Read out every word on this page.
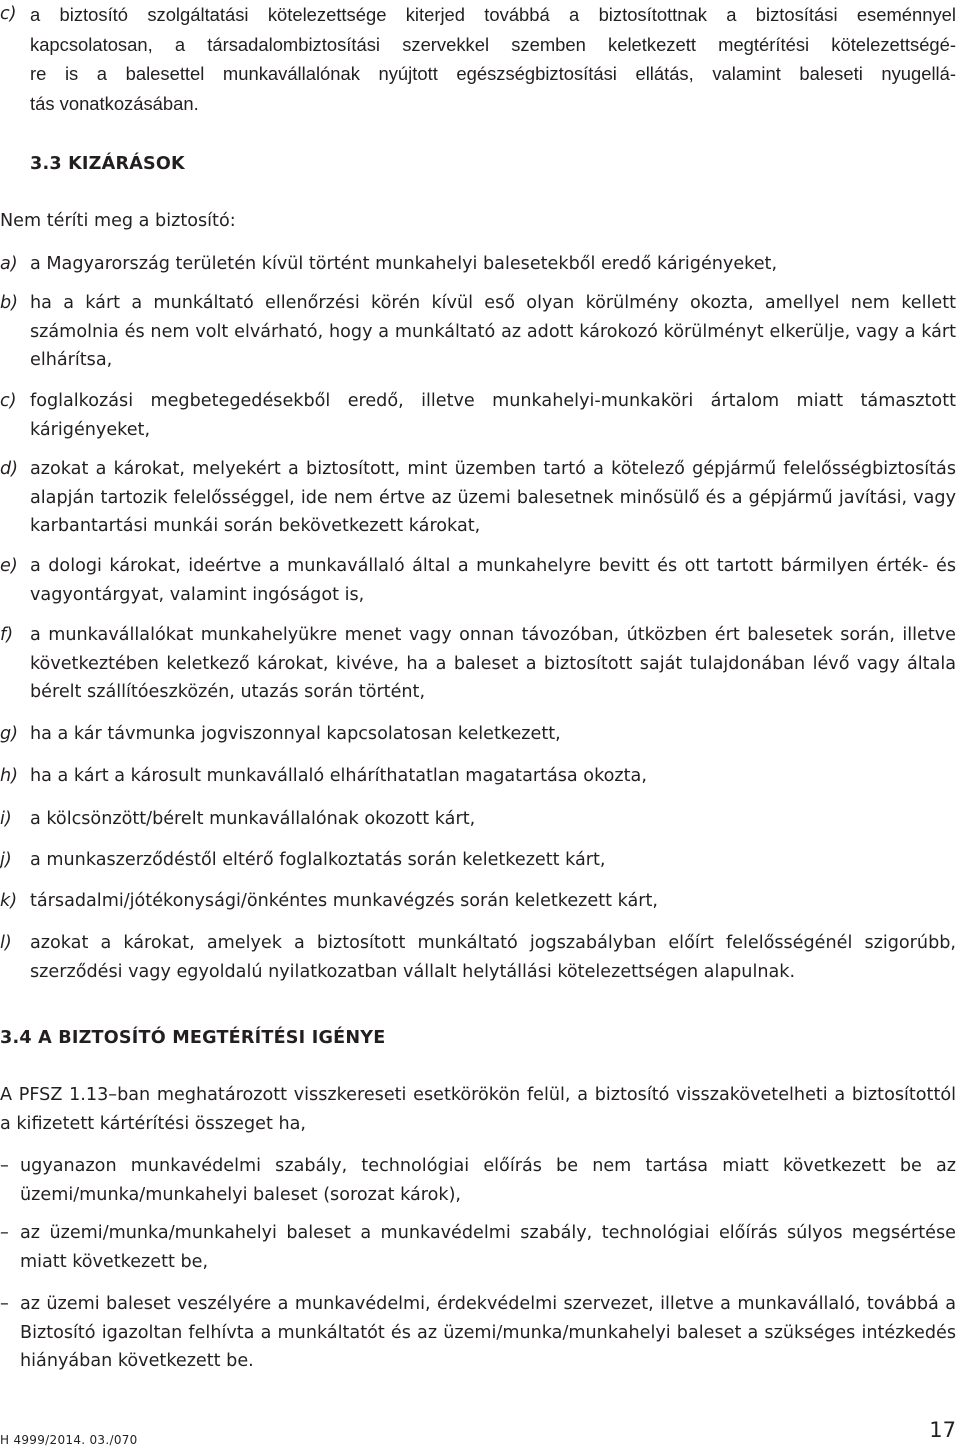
c) a biztosító szolgáltatási kötelezettsége kiterjed továbbá a biztosítottnak a biztosítási eseménnyel
kapcsolatosan, a társadalombiztosítási szervekkel szemben keletkezett megtérítési kötelezettségé-
re is a balesettel munkavállalónak nyújtott egészségbiztosítási ellátás, valamint baleseti nyugellá-
tás vonatkozásában.
3.3 KIZÁRÁSOK
Nem téríti meg a biztosító:
a) a Magyarország területén kívül történt munkahelyi balesetekből eredő kárigényeket,
b) ha a kárt a munkáltató ellenőrzési körén kívül eső olyan körülmény okozta, amellyel nem kellett számolnia és nem volt elvárható, hogy a munkáltató az adott károkozó körülményt elkerülje, vagy a kárt elhárítsa,
c) foglalkozási megbetegedésekből eredő, illetve munkahelyi-munkaköri ártalom miatt támasztott kárigényeket,
d) azokat a károkat, melyekért a biztosított, mint üzemben tartó a kötelező gépjármű felelősségbiztosítás alapján tartozik felelősséggel, ide nem értve az üzemi balesetnek minősülő és a gépjármű javítási, vagy karbantartási munkái során bekövetkezett károkat,
e) a dologi károkat, ideértve a munkavállaló által a munkahelyre bevitt és ott tartott bármilyen érték- és vagyontárgyat, valamint ingóságot is,
f) a munkavállalókat munkahelyükre menet vagy onnan távozóban, útközben ért balesetek során, illetve következtében keletkező károkat, kivéve, ha a baleset a biztosított saját tulajdonában lévő vagy általa bérelt szállítóeszközén, utazás során történt,
g) ha a kár távmunka jogviszonnyal kapcsolatosan keletkezett,
h) ha a kárt a károsult munkavállaló elháríthatatlan magatartása okozta,
i) a kölcsönzött/bérelt munkavállalónak okozott kárt,
j) a munkaszerződéstől eltérő foglalkoztatás során keletkezett kárt,
k) társadalmi/jótékonysági/önkéntes munkavégzés során keletkezett kárt,
l) azokat a károkat, amelyek a biztosított munkáltató jogszabályban előírt felelősségénél szigorúbb, szerződési vagy egyoldalú nyilatkozatban vállalt helytállási kötelezettségen alapulnak.
3.4 A BIZTOSÍTÓ MEGTÉRÍTÉSI IGÉNYE
A PFSZ 1.13–ban meghatározott visszkereseti esetkörökön felül, a biztosító visszakövetelheti a biztosítottól a kifizetett kártérítési összeget ha,
– ugyanazon munkavédelmi szabály, technológiai előírás be nem tartása miatt következett be az üzemi/munka/munkahelyi baleset (sorozat károk),
– az üzemi/munka/munkahelyi baleset a munkavédelmi szabály, technológiai előírás súlyos megsértése miatt következett be,
– az üzemi baleset veszélyére a munkavédelmi, érdekvédelmi szervezet, illetve a munkavállaló, továbbá a Biztosító igazoltan felhívta a munkáltatót és az üzemi/munka/munkahelyi baleset a szükséges intézkedés hiányában következett be.
H 4999/2014. 03./070	17
